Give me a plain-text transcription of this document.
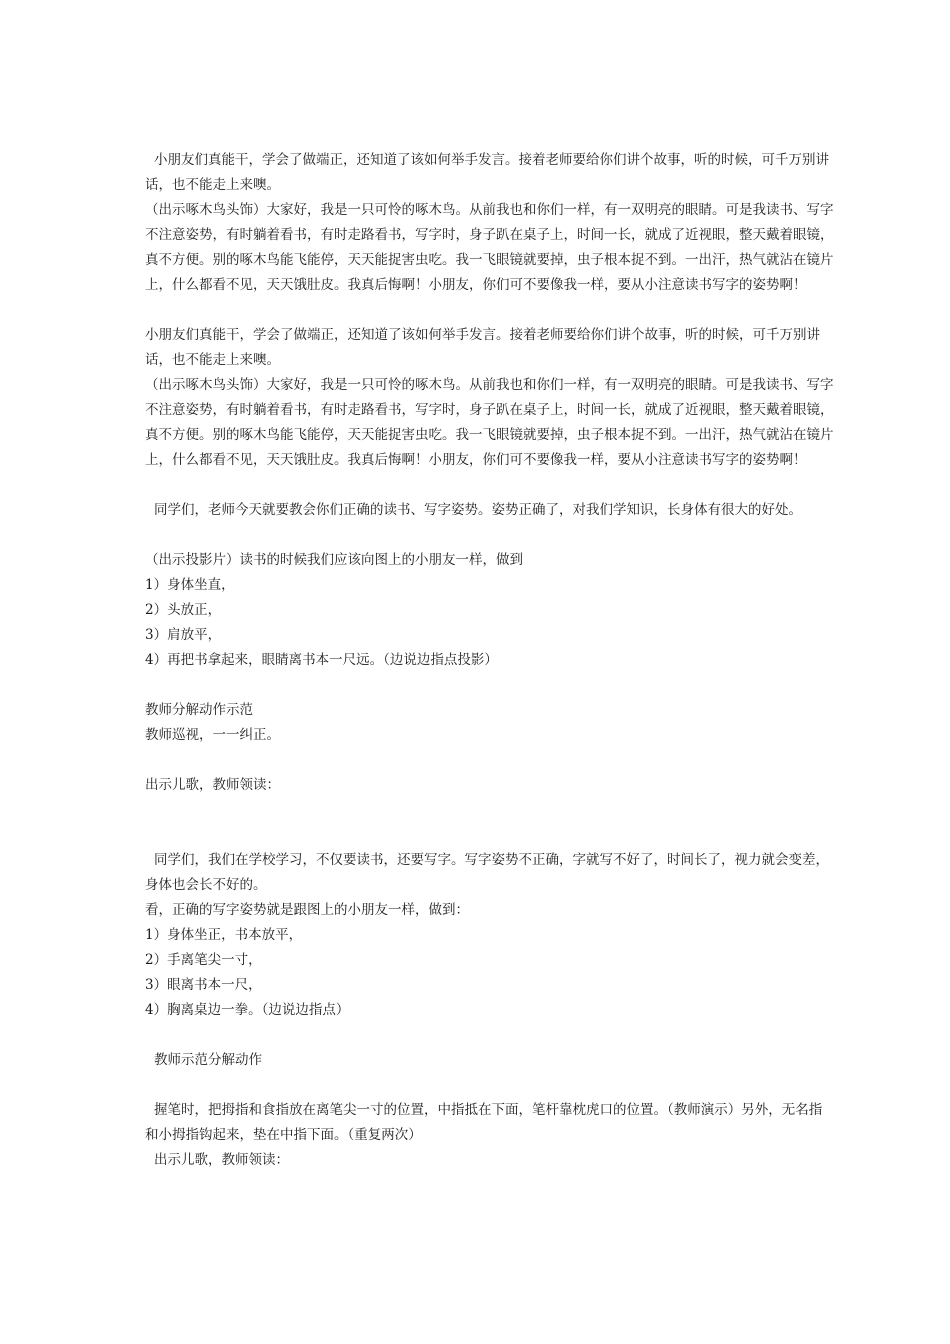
小朋友们真能干，学会了做端正，还知道了该如何举手发言。接着老师要给你们讲个故事，听的时候，可千万别讲话，也不能走上来噢。

（出示啄木鸟头饰）大家好，我是一只可怜的啄木鸟。从前我也和你们一样，有一双明亮的眼睛。可是我读书、写字不注意姿势，有时躺着看书，有时走路看书，写字时，身子趴在桌子上，时间一长，就成了近视眼，整天戴着眼镜，真不方便。别的啄木鸟能飞能停，天天能捉害虫吃。我一飞眼镜就要掉，虫子根本捉不到。一出汗，热气就沾在镜片上，什么都看不见，天天饿肚皮。我真后悔啊！小朋友，你们可不要像我一样，要从小注意读书写字的姿势啊！

小朋友们真能干，学会了做端正，还知道了该如何举手发言。接着老师要给你们讲个故事，听的时候，可千万别讲话，也不能走上来噢。

（出示啄木鸟头饰）大家好，我是一只可怜的啄木鸟。从前我也和你们一样，有一双明亮的眼睛。可是我读书、写字不注意姿势，有时躺着看书，有时走路看书，写字时，身子趴在桌子上，时间一长，就成了近视眼，整天戴着眼镜，真不方便。别的啄木鸟能飞能停，天天能捉害虫吃。我一飞眼镜就要掉，虫子根本捉不到。一出汗，热气就沾在镜片上，什么都看不见，天天饿肚皮。我真后悔啊！小朋友，你们可不要像我一样，要从小注意读书写字的姿势啊！

同学们，老师今天就要教会你们正确的读书、写字姿势。姿势正确了，对我们学知识，长身体有很大的好处。

（出示投影片）读书的时候我们应该向图上的小朋友一样，做到

1）身体坐直，

2）头放正，

3）肩放平，

4）再把书拿起来，眼睛离书本一尺远。（边说边指点投影）

教师分解动作示范

教师巡视，一一纠正。

出示儿歌，教师领读：

同学们，我们在学校学习，不仅要读书，还要写字。写字姿势不正确，字就写不好了，时间长了，视力就会变差，身体也会长不好的。

看，正确的写字姿势就是跟图上的小朋友一样，做到：

1）身体坐正，书本放平，

2）手离笔尖一寸，

3）眼离书本一尺，

4）胸离桌边一拳。（边说边指点）

教师示范分解动作

握笔时，把拇指和食指放在离笔尖一寸的位置，中指抵在下面，笔杆靠枕虎口的位置。（教师演示）另外，无名指和小拇指钩起来，垫在中指下面。（重复两次）

出示儿歌，教师领读：
